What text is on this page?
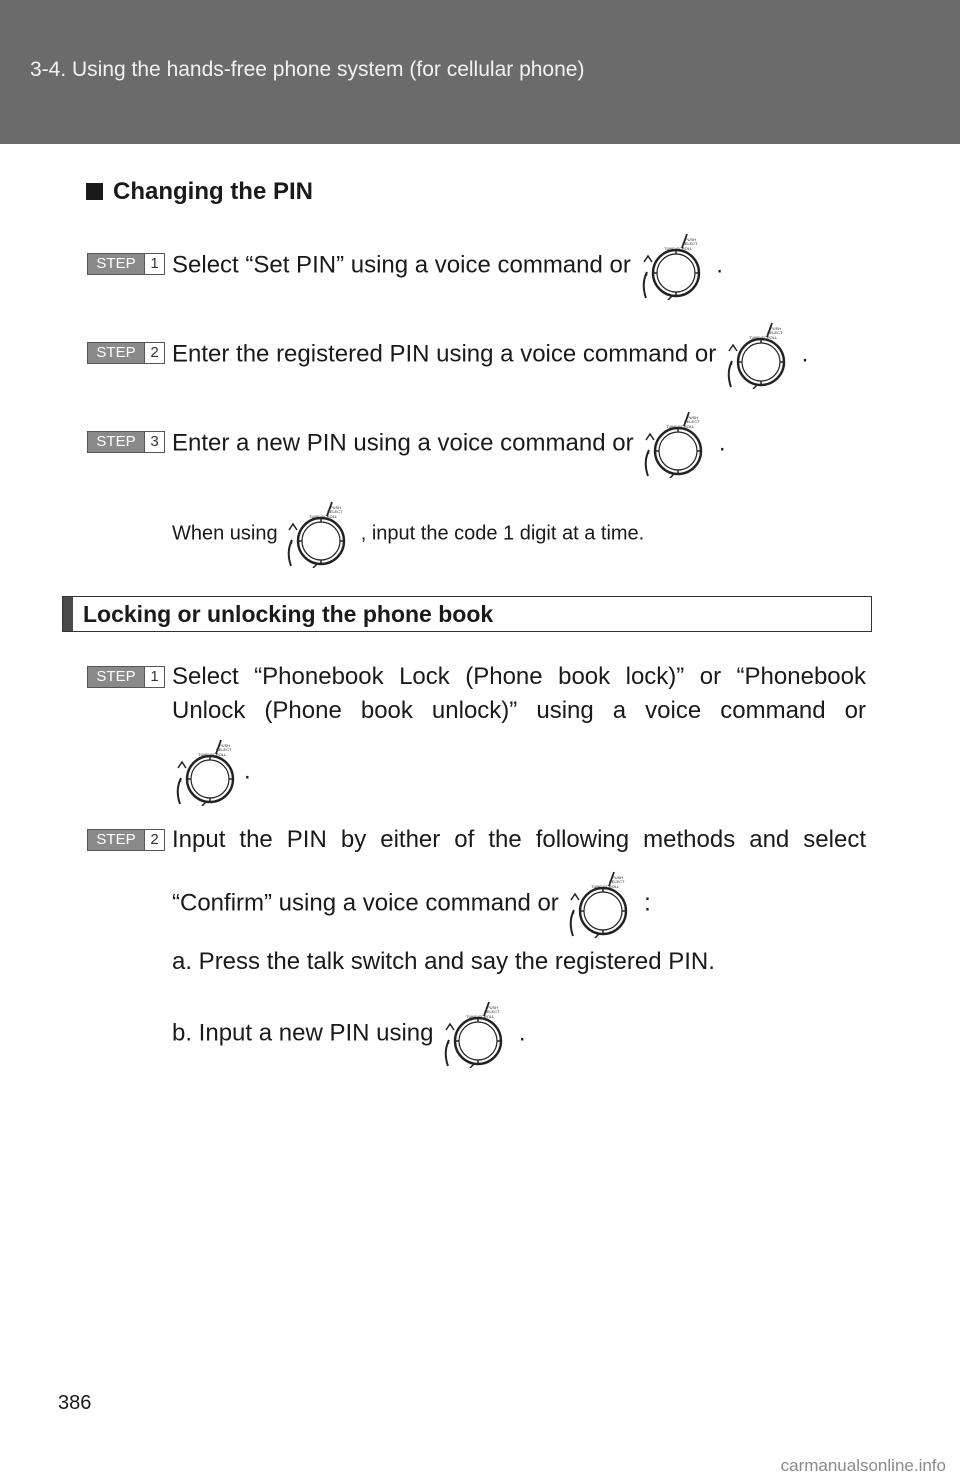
3-4. Using the hands-free phone system (for cellular phone)
Changing the PIN
STEP 1 Select “Set PIN” using a voice command or	.
STEP 2 Enter the registered PIN using a voice command or	.
STEP 3 Enter a new PIN using a voice command or	.
When using	, input the code 1 digit at a time.
Locking or unlocking the phone book
STEP 1 Select “Phonebook Lock (Phone book lock)” or “Phonebook
Unlock (Phone book unlock)” using a voice command or
.
STEP 2 Input the PIN by either of the following methods and select
“Confirm” using a voice command or	:
a. Press the talk switch and say the registered PIN.
b. Input a new PIN using	.
386
carmanualsonline.info
